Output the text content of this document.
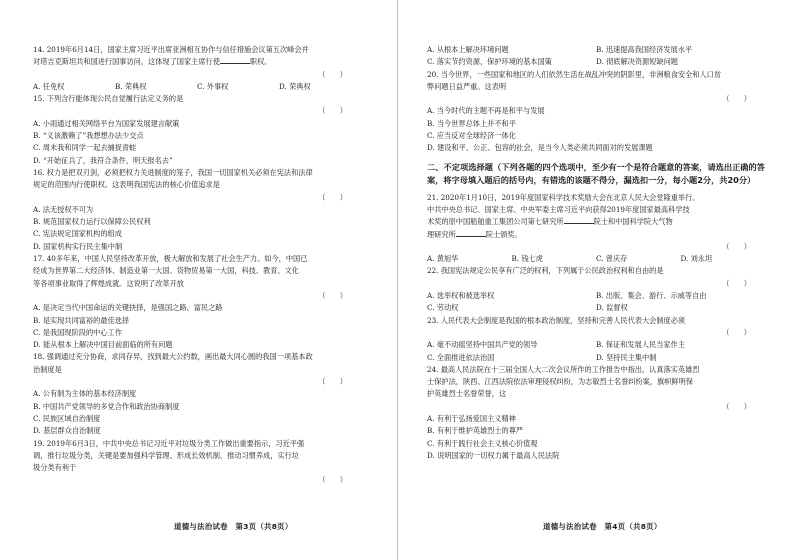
14. 2019年6月14日，国家主席习近平出席亚洲相互协作与信任措施会议第五次峰会并
对塔吉克斯坦共和国进行国事访问，这体现了国家主席行使	职权。
（　　）
A. 任免权	B. 荣典权	C. 外事权	D. 荣典权
15. 下列含行能体现公民自觉履行法定义务的是
（　　）
A. 小雨通过相关网络平台为国家发展建言献策
B. “义该激赖了”我想想办法少交点
C. 周末我和同学一起去捕捉青蛙
D. “开始征兵了，我符合条件，明天报名去”
16. 权力是把双刃剑，必须把权力关进制度的笼子，我国一切国家机关必须在宪法和法律
规定的范围内行使职权。这表明我国宪法的核心价值追求是
（　　）
A. 法无授权不可为
B. 规范国家权力运行以保障公民权利
C. 宪法规定国家机构的组成
D. 国家机构实行民主集中制
17. 40多年来，中国人民坚持改革开放，极大解放和发展了社会生产力。如今，中国已
经成为世界第二大经济体、制造业第一大国、货物贸易第一大国，科技、教育、文化
等各项事业取得了辉煌成就。这说明了改革开放
（　　）
A. 是决定当代中国命运的关键抉择，是强国之路、富民之路
B. 是实现共同富裕的最佳选择
C. 是我国现阶段的中心工作
D. 能从根本上解决中国目前面临的所有问题
18. 强调通过充分协商，求同存异，找到最大公约数，画出最大同心圆的我国一项基本政
治制度是
（　　）
A. 公有制为主体的基本经济制度
B. 中国共产党领导的多党合作和政治协商制度
C. 民族区域自治制度
D. 基层群众自治制度
19. 2019年6月3日，中共中央总书记习近平对垃圾分类工作做出重要指示，习近平强
调，推行垃圾分类，关键是要加强科学管理、形成长效机制、推动习惯养成，实行垃
圾分类有利于
（　　）
道德与法治试卷　第3页（共8页）
A. 从根本上解决环境问题	B. 迅速提高我国经济发展水平
C. 落实节约资源，保护环境的基本国策	D. 彻底解决资源短缺问题
20. 当今世界，一些国家和地区的人们依然生活在战乱冲突的阴影里，非洲粮食安全和人口贫
弊问题日益严重。这表明
（　　）
A. 当今时代的主题不再是和平与发展
B. 当今世界总体上并不和平
C. 应当反对全球经济一体化
D. 建设和平、公正、包容的社会，是当今人类必须共同面对的发展课题
二、不定项选择题（下列各题的四个选项中，至少有一个是符合题意的答案，请选出正确的答案，将字母填入题后的括号内，有错选的该题不得分，漏选扣一分，每小题2分，共20分）
21. 2020年1月10日，2019年度国家科学技术奖励大会在北京人民大会堂隆重举行。
中共中央总书记、国家主席、中央军委主席习近平向获得2019年度国家最高科学技
术奖的原中国船舶重工集团公司第七研究所	院士和中国科学院大气物
理研究所	院士颁奖。
（　　）
A. 黄旭华	B. 钱七虎	C. 曾庆存	D. 刘永坦
22. 我国宪法规定公民享有广泛的权利，下列属于公民政治权利和自由的是
（　　）
A. 选举权和被选举权	B. 出版、集会、游行、示威等自由
C. 劳动权	D. 监督权
23. 人民代表大会制度是我国的根本政治制度，坚持和完善人民代表大会制度必须
（　　）
A. 毫不动摇坚持中国共产党的领导	B. 保证和发展人民当家作主
C. 全面推进依法治国	D. 坚持民主集中制
24. 最高人民法院在十三届全国人大二次会议所作的工作报告中指出，认真落实英雄烈
士保护法，陕西、江西法院依法审理侵权纠纷，为志敏烈士名誉纠纷案，旗帜鲜明保
护英雄烈士名誉荣誉，这
（　　）
A. 有利于弘扬爱国主义精神
B. 有利于维护英雄烈士的尊严
C. 有利于践行社会主义核心价值观
D. 说明国家的一切权力属于最高人民法院
道德与法治试卷　第4页（共8页）
